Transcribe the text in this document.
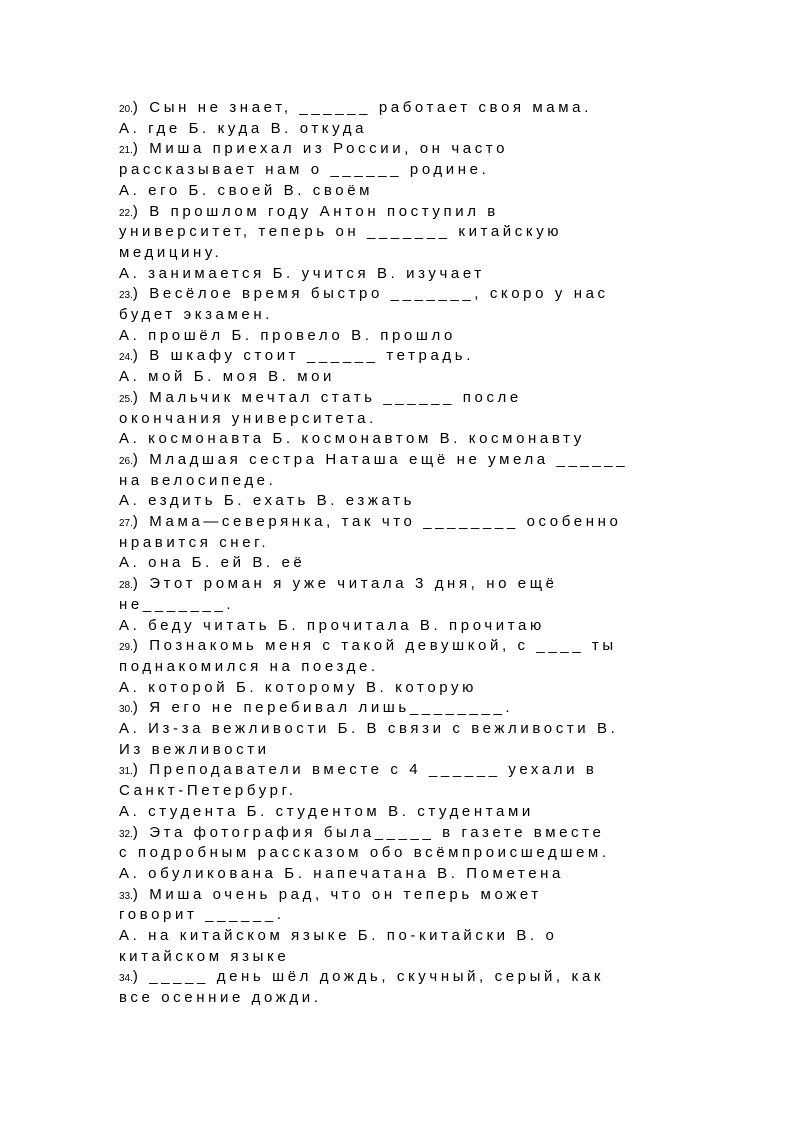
20.) Сын не знает, ______ работает своя мама.
А. где Б. куда В. откуда
21.) Миша приехал из России, он часто
рассказывает нам о ______ родине.
А. его Б. своей В. своём
22.) В прошлом году Антон поступил в
университет, теперь он _______ китайскую
медицину.
А. занимается Б. учится В. изучает
23.) Весёлое время быстро _______, скоро у нас
будет экзамен.
А. прошёл Б. провело В. прошло
24.) В шкафу стоит ______ тетрадь.
А. мой Б. моя В. мои
25.) Мальчик мечтал стать ______ после
окончания университета.
А. космонавта Б. космонавтом В. космонавту
26.) Младшая сестра Наташа ещё не умела ______
на велосипеде.
А. ездить Б. ехать В. езжать
27.) Мама—северянка, так что ________ особенно
нравится снег.
А. она Б. ей В. её
28.) Этот роман я уже читала 3 дня, но ещё
не_______.
А. беду читать Б. прочитала В. прочитаю
29.) Познакомь меня с такой девушкой, с ____ ты
поднакомился на поезде.
А. которой Б. которому В. которую
30.) Я его не перебивал лишь________.
А. Из-за вежливости Б. В связи с вежливости В.
Из вежливости
31.) Преподаватели вместе с 4 ______ уехали в
Санкт-Петербург.
А. студента Б. студентом В. студентами
32.) Эта фотография была_____ в газете вместе
с подробным рассказом обо всёмпроисшедшем.
А. обуликована Б. напечатана В. Пометена
33.) Миша очень рад, что он теперь может
говорит ______.
А. на китайском языке Б. по-китайски В. о
китайском языке
34.) _____ день шёл дождь, скучный, серый, как
все осенние дожди.
